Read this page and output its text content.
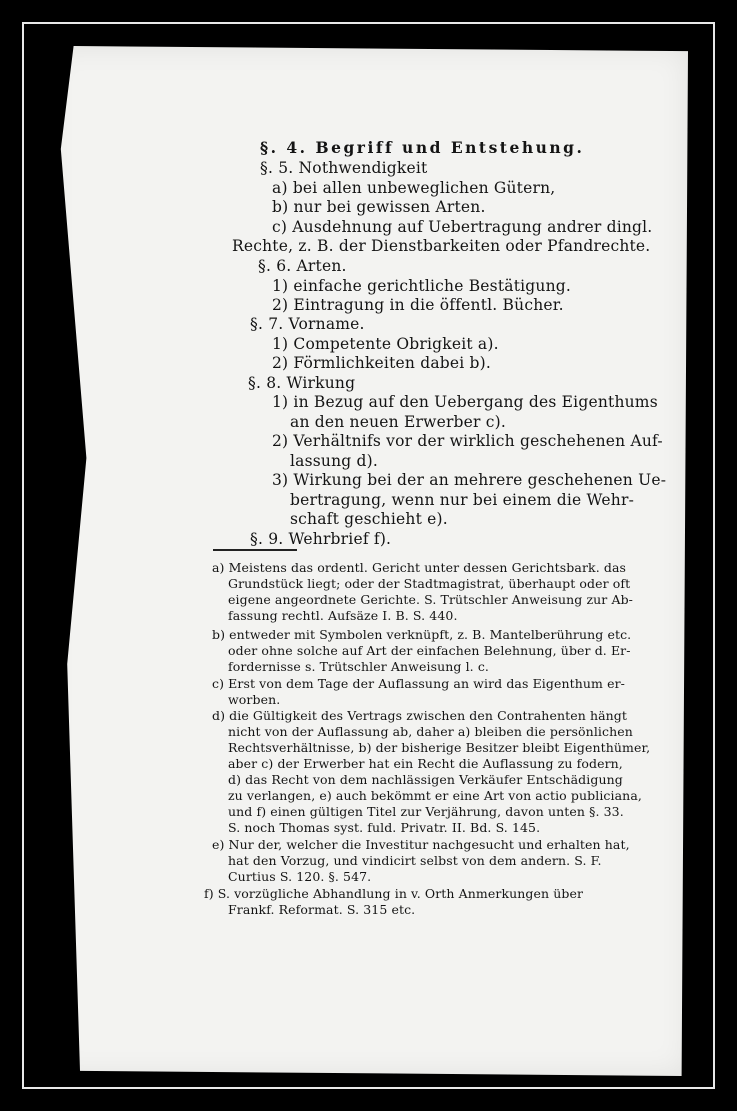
§. 4. Begriff und Entstehung.
§. 5. Nothwendigkeit
a) bei allen unbeweglichen Gütern,
b) nur bei gewissen Arten.
c) Ausdehnung auf Uebertragung andrer dingl.
Rechte, z. B. der Dienstbarkeiten oder Pfandrechte.
§. 6. Arten.
1) einfache gerichtliche Bestätigung.
2) Eintragung in die öffentl. Bücher.
§. 7. Vorname.
1) Competente Obrigkeit a).
2) Förmlichkeiten dabei b).
§. 8. Wirkung
1) in Bezug auf den Uebergang des Eigenthums
an den neuen Erwerber c).
2) Verhältnifs vor der wirklich geschehenen Auf-
lassung d).
3) Wirkung bei der an mehrere geschehenen Ue-
bertragung, wenn nur bei einem die Wehr-
schaft geschieht e).
§. 9. Wehrbrief f).
a) Meistens das ordentl. Gericht unter dessen Gerichtsbark. das
Grundstück liegt; oder der Stadtmagistrat, überhaupt oder oft
eigene angeordnete Gerichte. S. Trütschler Anweisung zur Ab-
fassung rechtl. Aufsäze I. B. S. 440.
b) entweder mit Symbolen verknüpft, z. B. Mantelberührung etc.
oder ohne solche auf Art der einfachen Belehnung, über d. Er-
fordernisse s. Trütschler Anweisung l. c.
c) Erst von dem Tage der Auflassung an wird das Eigenthum er-
worben.
d) die Gültigkeit des Vertrags zwischen den Contrahenten hängt
nicht von der Auflassung ab, daher a) bleiben die persönlichen
Rechtsverhältnisse, b) der bisherige Besitzer bleibt Eigenthümer,
aber c) der Erwerber hat ein Recht die Auflassung zu fodern,
d) das Recht von dem nachlässigen Verkäufer Entschädigung
zu verlangen, e) auch bekömmt er eine Art von actio publiciana,
und f) einen gültigen Titel zur Verjährung, davon unten §. 33.
S. noch Thomas syst. fuld. Privatr. II. Bd. S. 145.
e) Nur der, welcher die Investitur nachgesucht und erhalten hat,
hat den Vorzug, und vindicirt selbst von dem andern. S. F.
Curtius S. 120. §. 547.
f) S. vorzügliche Abhandlung in v. Orth Anmerkungen über
Frankf. Reformat. S. 315 etc.
